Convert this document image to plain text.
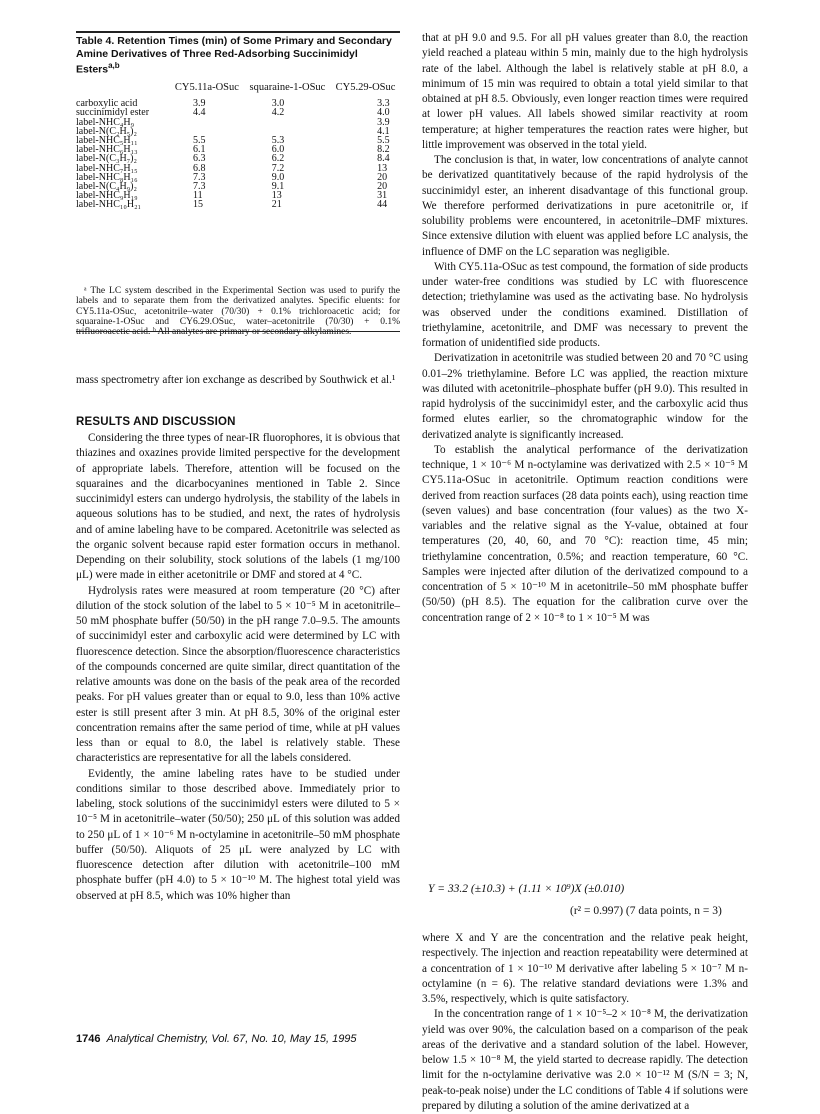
Table 4. Retention Times (min) of Some Primary and Secondary Amine Derivatives of Three Red-Adsorbing Succinimidyl Esters$^{a,b}$
	CY5.11a-OSuc	squaraine-1-OSuc	CY5.29-OSuc
carboxylic acid	3.9	3.0	3.3
succinimidyl ester	4.4	4.2	4.0
label-NHC₄H₉			3.9
label-N(C₂H₅)₂			4.1
label-NHC₅H₁₁	5.5	5.3	5.5
label-NHC₆H₁₃	6.1	6.0	8.2
label-N(C₃H₇)₂	6.3	6.2	8.4
label-NHC₇H₁₅	6.8	7.2	13
label-NHC₈H₁₆	7.3	9.0	20
label-N(C₄H₉)₂	7.3	9.1	20
label-NHC₉H₁₉	11	13	31
label-NHC₁₀H₂₁	15	21	44
ᵃ The LC system described in the Experimental Section was used to purify the labels and to separate them from the derivatized analytes. Specific eluents: for CY5.11a-OSuc, acetonitrile–water (70/30) + 0.1% trichloroacetic acid; for squaraine-1-OSuc and CY6.29.OSuc, water–acetonitrile (70/30) + 0.1% trifluoroacetic acid. ᵇ All analytes are primary or secondary alkylamines.

mass spectrometry after ion exchange as described by Southwick et al.¹

RESULTS AND DISCUSSION

Considering the three types of near-IR fluorophores, it is obvious that thiazines and oxazines provide limited perspective for the development of appropriate labels. Therefore, attention will be focused on the squaraines and the dicarbocyanines mentioned in Table 2. Since succinimidyl esters can undergo hydrolysis, the stability of the labels in aqueous solutions has to be studied, and next, the rates of hydrolysis and of amine labeling have to be compared. Acetonitrile was selected as the organic solvent because rapid ester formation occurs in methanol. Depending on their solubility, stock solutions of the labels (1 mg/100 μL) were made in either acetonitrile or DMF and stored at 4 °C.

Hydrolysis rates were measured at room temperature (20 °C) after dilution of the stock solution of the label to 5 × 10⁻⁵ M in acetonitrile–50 mM phosphate buffer (50/50) in the pH range 7.0–9.5. The amounts of succinimidyl ester and carboxylic acid were determined by LC with fluorescence detection. Since the absorption/fluorescence characteristics of the compounds concerned are quite similar, direct quantitation of the relative amounts was done on the basis of the peak area of the recorded peaks. For pH values greater than or equal to 9.0, less than 10% active ester is still present after 3 min. At pH 8.5, 30% of the original ester concentration remains after the same period of time, while at pH values less than or equal to 8.0, the label is relatively stable. These characteristics are representative for all the labels considered.

Evidently, the amine labeling rates have to be studied under conditions similar to those described above. Immediately prior to labeling, stock solutions of the succinimidyl esters were diluted to 5 × 10⁻⁵ M in acetonitrile–water (50/50); 250 μL of this solution was added to 250 μL of 1 × 10⁻⁶ M n-octylamine in acetonitrile–50 mM phosphate buffer (50/50). Aliquots of 25 μL were analyzed by LC with fluorescence detection after dilution with acetonitrile–100 mM phosphate buffer (pH 4.0) to 5 × 10⁻¹⁰ M. The highest total yield was observed at pH 8.5, which was 10% higher than

that at pH 9.0 and 9.5. For all pH values greater than 8.0, the reaction yield reached a plateau within 5 min, mainly due to the high hydrolysis rate of the label. Although the label is relatively stable at pH 8.0, a minimum of 15 min was required to obtain a total yield similar to that obtained at pH 8.5. Obviously, even longer reaction times were required at lower pH values. All labels showed similar reactivity at room temperature; at higher temperatures the reaction rates were higher, but little improvement was observed in the total yield.

The conclusion is that, in water, low concentrations of analyte cannot be derivatized quantitatively because of the rapid hydrolysis of the succinimidyl ester, an inherent disadvantage of this functional group. We therefore performed derivatizations in pure acetonitrile or, if solubility problems were encountered, in acetonitrile–DMF mixtures. Since extensive dilution with eluent was applied before LC analysis, the influence of DMF on the LC separation was negligible.

With CY5.11a-OSuc as test compound, the formation of side products under water-free conditions was studied by LC with fluorescence detection; triethylamine was used as the activating base. No hydrolysis was observed under the conditions examined. Distillation of triethylamine, acetonitrile, and DMF was necessary to prevent the formation of unidentified side products.

Derivatization in acetonitrile was studied between 20 and 70 °C using 0.01–2% triethylamine. Before LC was applied, the reaction mixture was diluted with acetonitrile–phosphate buffer (pH 9.0). This resulted in rapid hydrolysis of the succinimidyl ester, and the carboxylic acid thus formed elutes earlier, so the chromatographic window for the derivatized analyte is significantly increased.

To establish the analytical performance of the derivatization technique, 1 × 10⁻⁶ M n-octylamine was derivatized with 2.5 × 10⁻⁵ M CY5.11a-OSuc in acetonitrile. Optimum reaction conditions were derived from reaction surfaces (28 data points each), using reaction time (seven values) and base concentration (four values) as the two X-variables and the relative signal as the Y-value, obtained at four temperatures (20, 40, 60, and 70 °C): reaction time, 45 min; triethylamine concentration, 0.5%; and reaction temperature, 60 °C. Samples were injected after dilution of the derivatized compound to a concentration of 5 × 10⁻¹⁰ M in acetonitrile–50 mM phosphate buffer (50/50) (pH 8.5). The equation for the calibration curve over the concentration range of 2 × 10⁻⁸ to 1 × 10⁻⁵ M was

Y = 33.2 (±10.3) + (1.11 × 10⁹)X (±0.010)
(r² = 0.997) (7 data points, n = 3)

where X and Y are the concentration and the relative peak height, respectively. The injection and reaction repeatability were determined at a concentration of 1 × 10⁻¹⁰ M derivative after labeling 5 × 10⁻⁷ M n-octylamine (n = 6). The relative standard deviations were 1.3% and 3.5%, respectively, which is quite satisfactory.

In the concentration range of 1 × 10⁻⁵–2 × 10⁻⁸ M, the derivatization yield was over 90%, the calculation based on a comparison of the peak areas of the derivative and a standard solution of the label. However, below 1.5 × 10⁻⁸ M, the yield started to decrease rapidly. The detection limit for the n-octylamine derivative was 2.0 × 10⁻¹² M (S/N = 3; N, peak-to-peak noise) under the LC conditions of Table 4 if solutions were prepared by diluting a solution of the amine derivatized at a

1746 Analytical Chemistry, Vol. 67, No. 10, May 15, 1995
